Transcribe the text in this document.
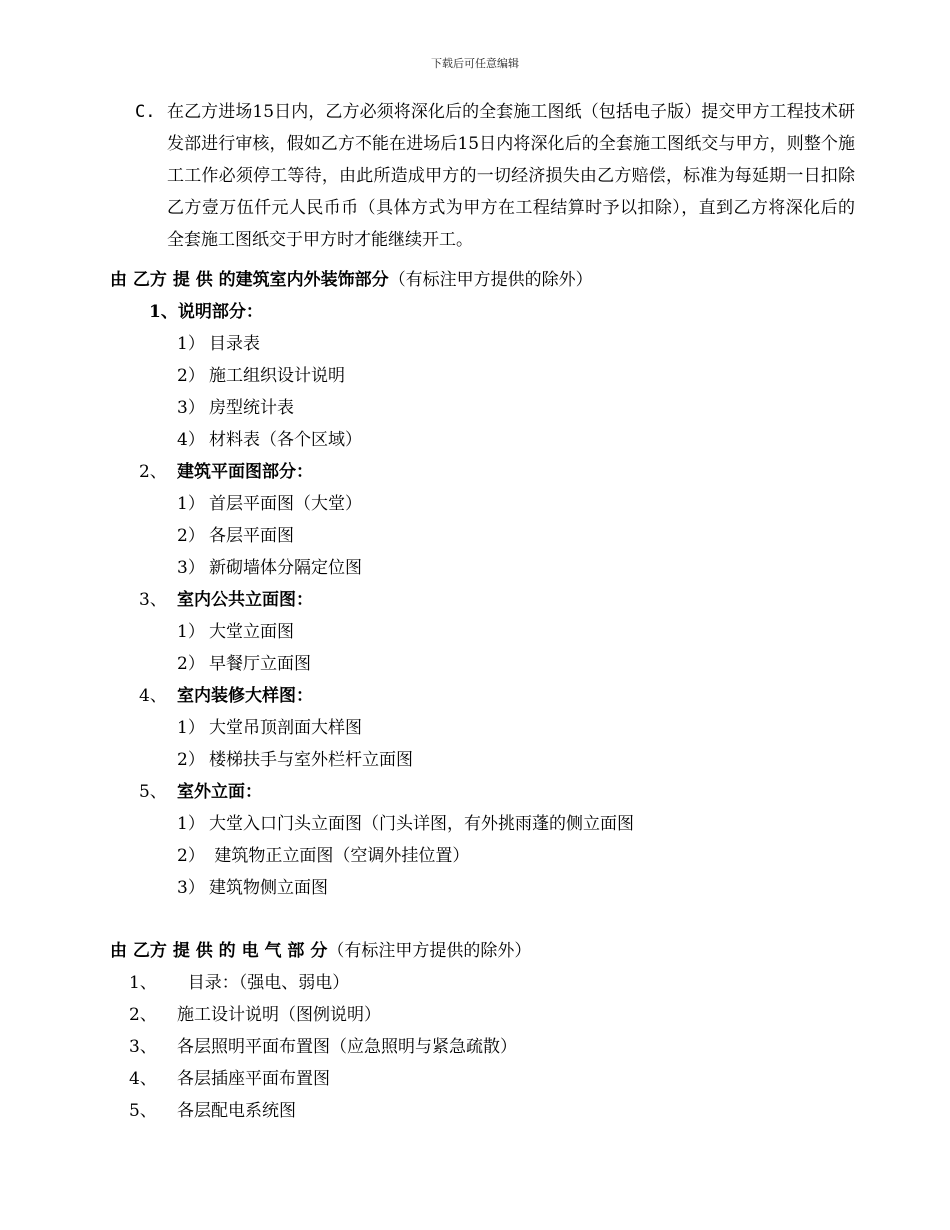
下载后可任意编辑
C. 在乙方进场15日内，乙方必须将深化后的全套施工图纸（包括电子版）提交甲方工程技术研发部进行审核，假如乙方不能在进场后15日内将深化后的全套施工图纸交与甲方，则整个施工工作必须停工等待，由此所造成甲方的一切经济损失由乙方赔偿，标准为每延期一日扣除乙方壹万伍仟元人民币币（具体方式为甲方在工程结算时予以扣除），直到乙方将深化后的全套施工图纸交于甲方时才能继续开工。
由 乙方 提 供 的建筑室内外装饰部分（有标注甲方提供的除外）
1、说明部分：
1） 目录表
2） 施工组织设计说明
3） 房型统计表
4） 材料表（各个区域）
2、 建筑平面图部分：
1） 首层平面图（大堂）
2） 各层平面图
3） 新砌墙体分隔定位图
3、 室内公共立面图：
1） 大堂立面图
2） 早餐厅立面图
4、 室内装修大样图：
1） 大堂吊顶剖面大样图
2） 楼梯扶手与室外栏杆立面图
5、 室外立面：
1） 大堂入口门头立面图（门头详图，有外挑雨蓬的侧立面图
2） 建筑物正立面图（空调外挂位置）
3） 建筑物侧立面图
由 乙方 提 供 的 电 气 部 分（有标注甲方提供的除外）
1、  目录：（强电、弱电）
2、 施工设计说明（图例说明）
3、 各层照明平面布置图（应急照明与紧急疏散）
4、 各层插座平面布置图
5、 各层配电系统图
